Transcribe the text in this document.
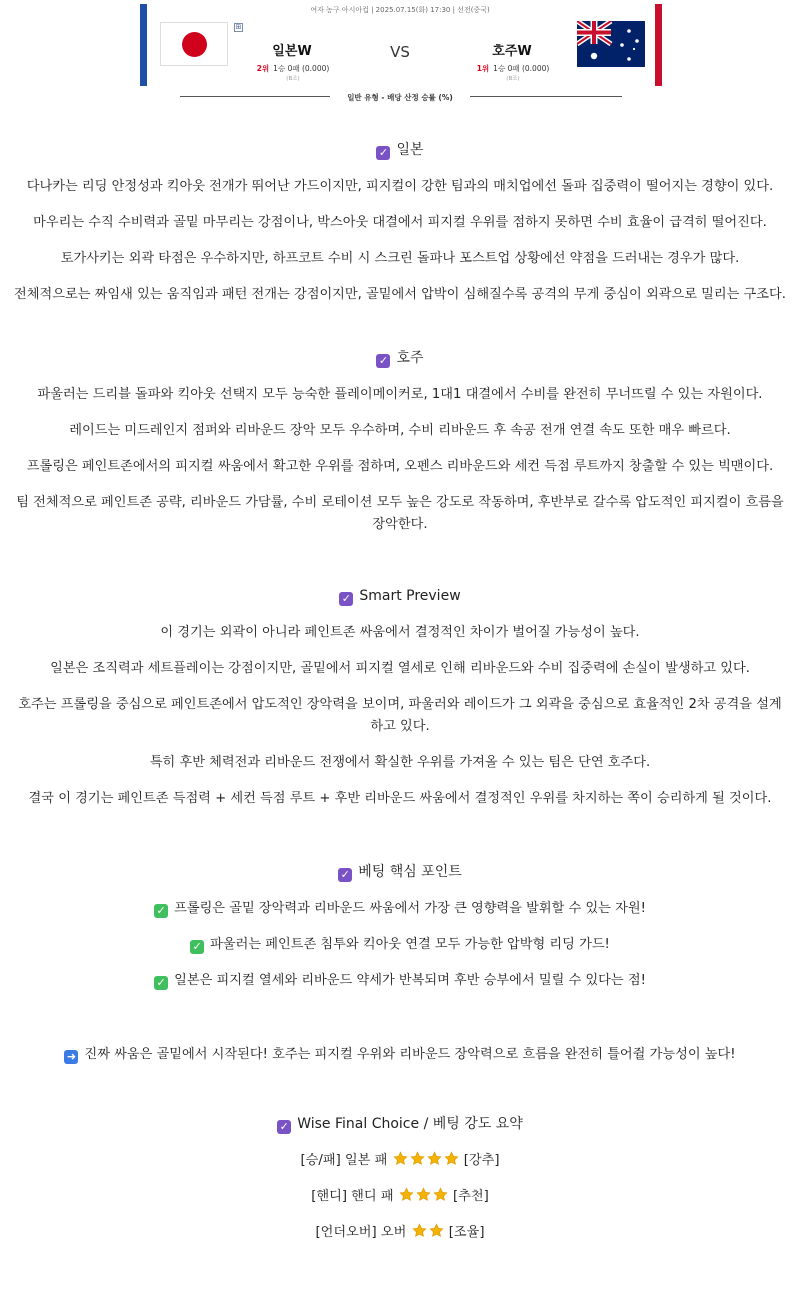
여자 농구 아시아컵 | 2025.07.15(화) 17:30 | 선전(중국)
⊞
일본W	VS	호주W
2위 1승 0패 (0.000)	1위 1승 0패 (0.000)
(B조)	(B조)
일반 유형 - 배당 산정 승률 (%)
✓ 일본

다나카는 리딩 안정성과 킥아웃 전개가 뛰어난 가드이지만, 피지컬이 강한 팀과의 매치업에선 돌파 집중력이 떨어지는 경향이 있다.

마우리는 수직 수비력과 골밑 마무리는 강점이나, 박스아웃 대결에서 피지컬 우위를 점하지 못하면 수비 효율이 급격히 떨어진다.

토가사키는 외곽 타점은 우수하지만, 하프코트 수비 시 스크린 돌파나 포스트업 상황에선 약점을 드러내는 경우가 많다.

전체적으로는 짜임새 있는 움직임과 패턴 전개는 강점이지만, 골밑에서 압박이 심해질수록 공격의 무게 중심이 외곽으로 밀리는 구조다.

✓ 호주

파울러는 드리블 돌파와 킥아웃 선택지 모두 능숙한 플레이메이커로, 1대1 대결에서 수비를 완전히 무너뜨릴 수 있는 자원이다.

레이드는 미드레인지 점퍼와 리바운드 장악 모두 우수하며, 수비 리바운드 후 속공 전개 연결 속도 또한 매우 빠르다.

프롤링은 페인트존에서의 피지컬 싸움에서 확고한 우위를 점하며, 오펜스 리바운드와 세컨 득점 루트까지 창출할 수 있는 빅맨이다.

팀 전체적으로 페인트존 공략, 리바운드 가담률, 수비 로테이션 모두 높은 강도로 작동하며, 후반부로 갈수록 압도적인 피지컬이 흐름을 장악한다.

✓ Smart Preview

이 경기는 외곽이 아니라 페인트존 싸움에서 결정적인 차이가 벌어질 가능성이 높다.

일본은 조직력과 세트플레이는 강점이지만, 골밑에서 피지컬 열세로 인해 리바운드와 수비 집중력에 손실이 발생하고 있다.

호주는 프롤링을 중심으로 페인트존에서 압도적인 장악력을 보이며, 파울러와 레이드가 그 외곽을 중심으로 효율적인 2차 공격을 설계하고 있다.

특히 후반 체력전과 리바운드 전쟁에서 확실한 우위를 가져올 수 있는 팀은 단연 호주다.

결국 이 경기는 페인트존 득점력 + 세컨 득점 루트 + 후반 리바운드 싸움에서 결정적인 우위를 차지하는 쪽이 승리하게 될 것이다.

✓ 베팅 핵심 포인트

✓ 프롤링은 골밑 장악력과 리바운드 싸움에서 가장 큰 영향력을 발휘할 수 있는 자원!

✓ 파울러는 페인트존 침투와 킥아웃 연결 모두 가능한 압박형 리딩 가드!

✓ 일본은 피지컬 열세와 리바운드 약세가 반복되며 후반 승부에서 밀릴 수 있다는 점!

➜ 진짜 싸움은 골밑에서 시작된다! 호주는 피지컬 우위와 리바운드 장악력으로 흐름을 완전히 틀어쥘 가능성이 높다!

✓ Wise Final Choice / 베팅 강도 요약

[승/패] 일본 패	[강추]

[핸디] 핸디 패	[추천]

[언더오버] 오버	[조율]
